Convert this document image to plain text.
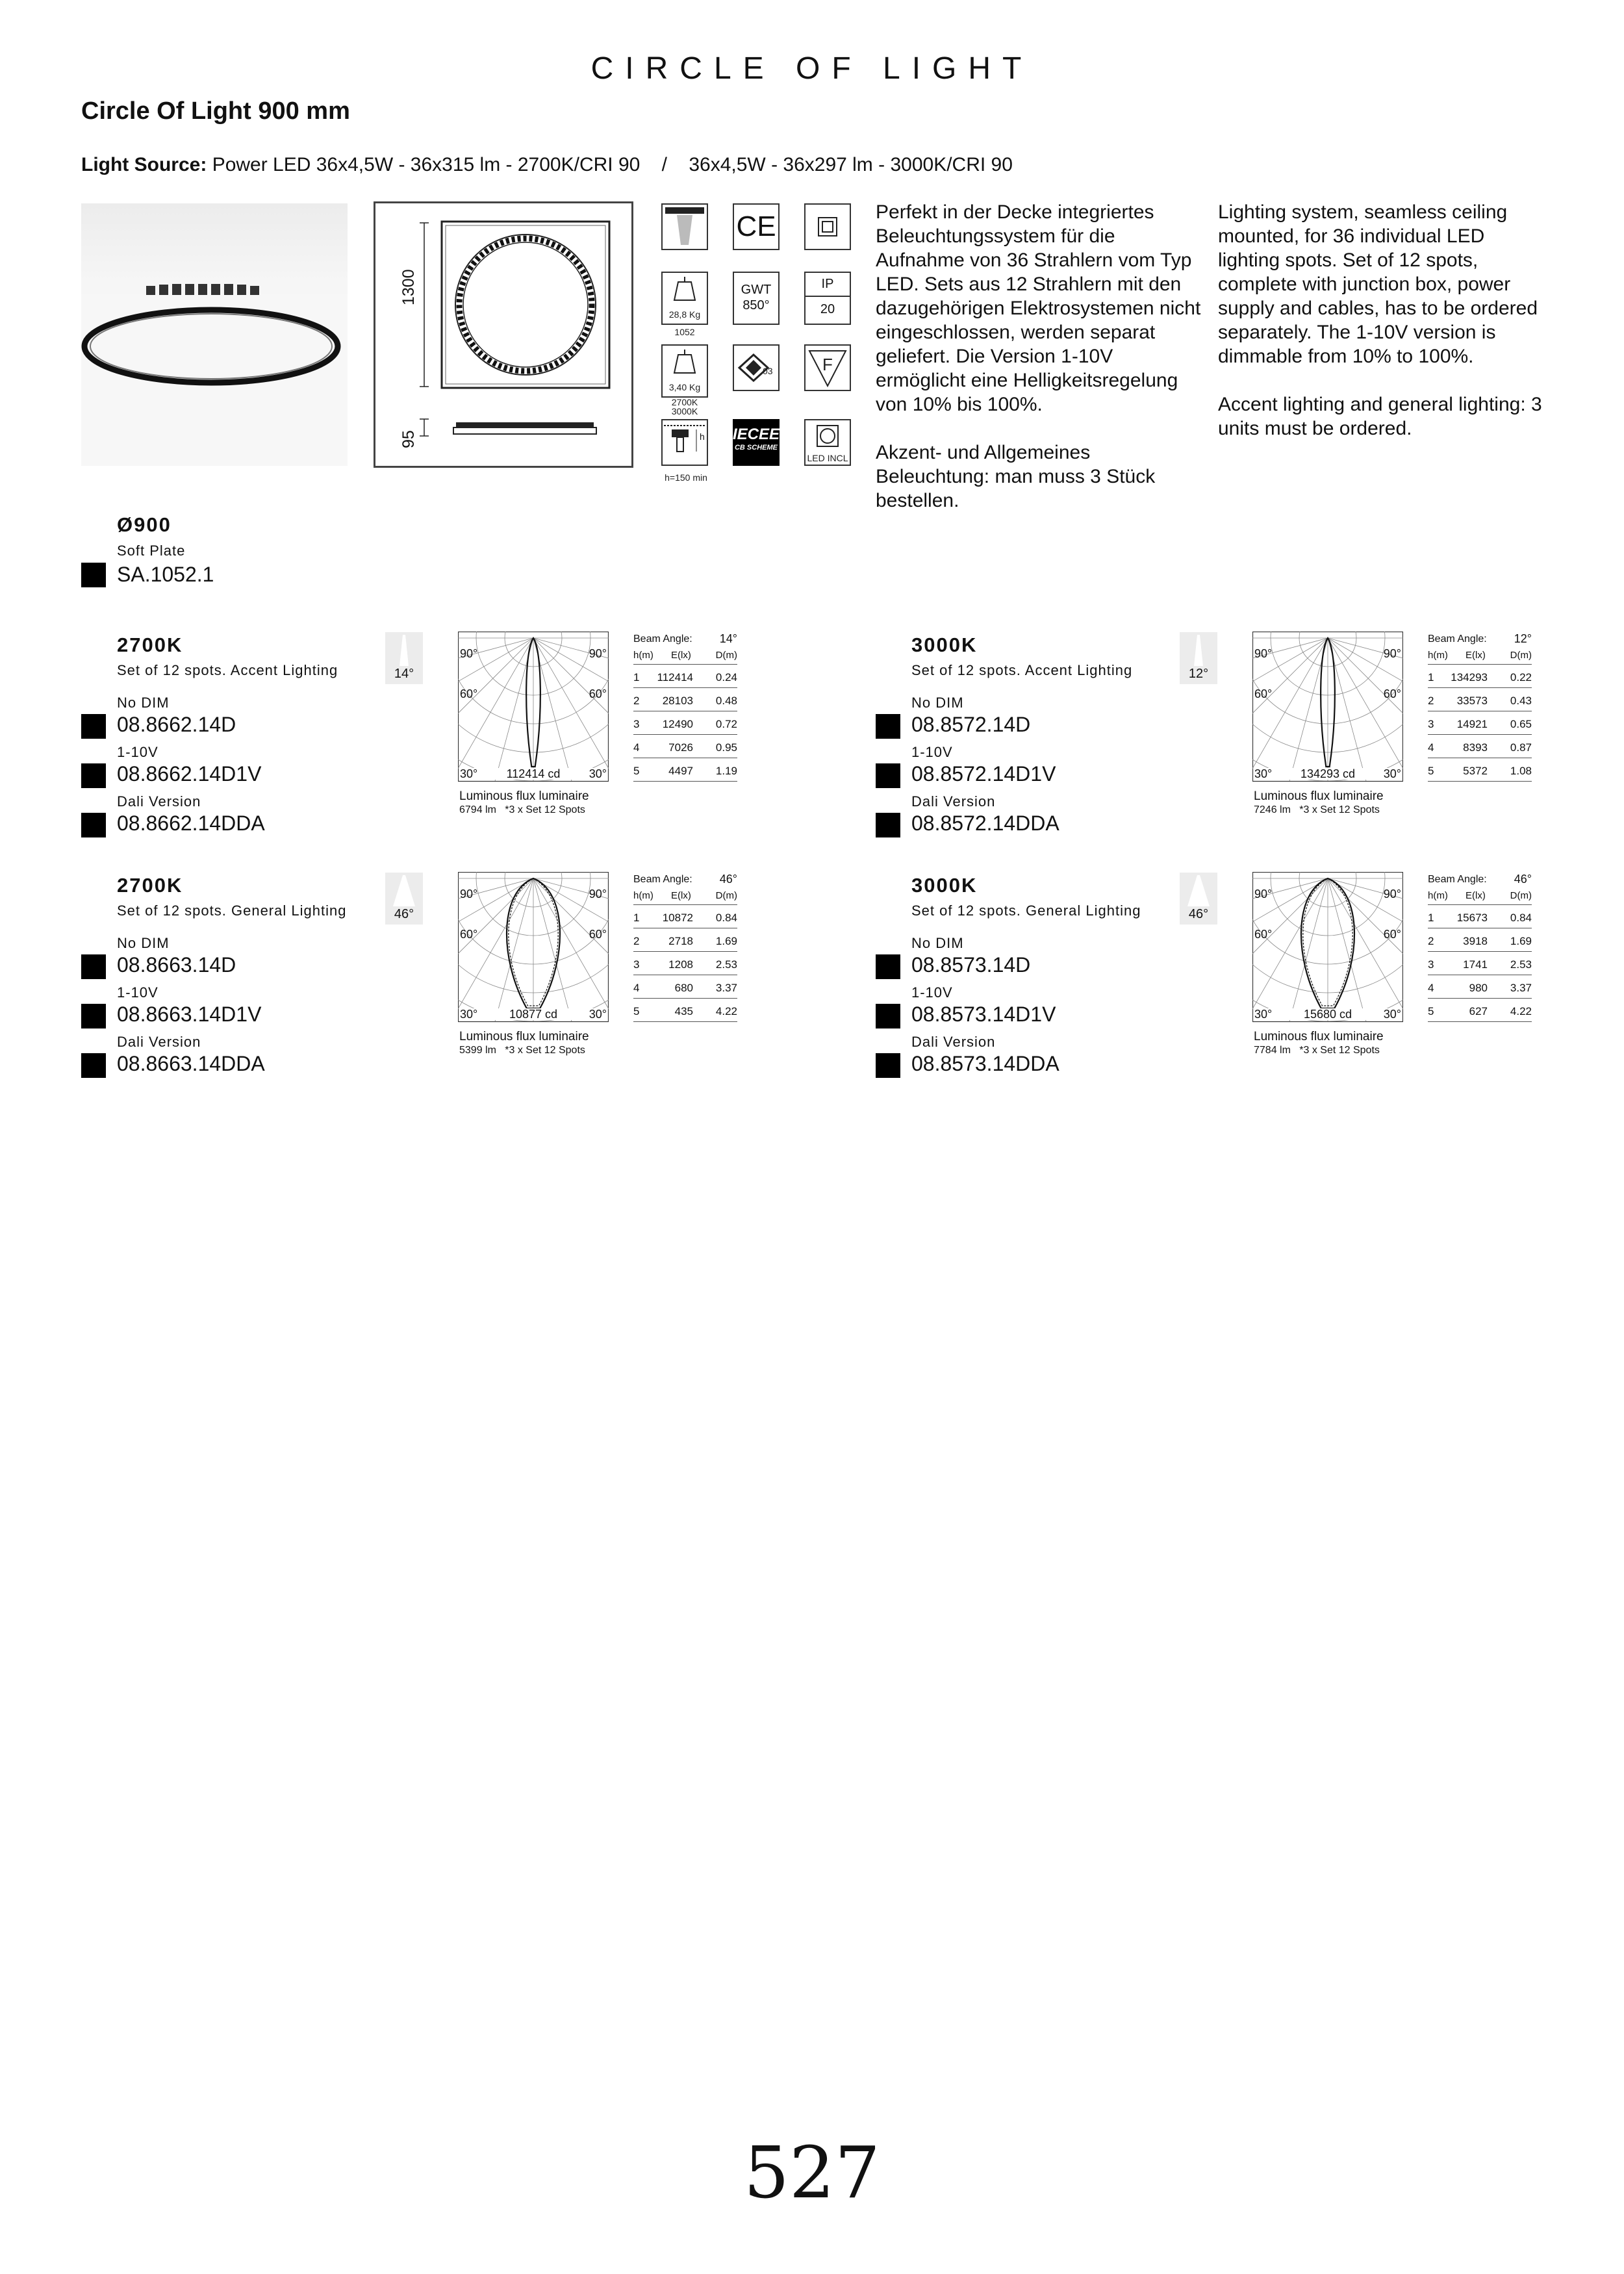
CIRCLE OF LIGHT
Circle Of Light 900 mm
Light Source: Power LED 36x4,5W - 36x315 lm - 2700K/CRI 90    /    36x4,5W - 36x297 lm - 3000K/CRI 90
1300
95
28,8 Kg
1052
3,40 Kg
2700K
3000K
h
h=150 min
CE
GWT
850°
03
IECEE
CB SCHEME
IP
20
F
LED INCL
Perfekt in der Decke integriertes Beleuchtungssystem für die Aufnahme von 36 Strahlern vom Typ LED. Sets aus 12 Strahlern mit den dazugehörigen Elektrosystemen nicht eingeschlossen, werden separat geliefert. Die Version 1-10V ermöglicht eine Helligkeitsregelung von 10% bis 100%.
Akzent- und Allgemeines Beleuchtung: man muss 3 Stück bestellen.
Lighting system, seamless ceiling mounted, for 36 individual LED lighting spots. Set of 12 spots, complete with junction box, power supply and cables, has to be ordered separately. The 1-10V version is dimmable from 10% to 100%.
Accent lighting and general lighting: 3 units must be ordered.
Ø900
Soft Plate
SA.1052.1
2700K
Set of 12 spots. Accent Lighting
No DIM
08.8662.14D
1-10V
08.8662.14D1V
Dali Version
08.8662.14DDA
14°
90°	90°
60°	60°
30°	30°
112414 cd
Luminous flux luminaire
6794 lm *3 x Set 12 Spots
Beam Angle: 14°
h(m) E(lx)	D(m)
1 112414 0.24
2 28103 0.48
3 12490 0.72
4	7026 0.95
5	4497 1.19
3000K
Set of 12 spots. Accent Lighting
No DIM
08.8572.14D
1-10V
08.8572.14D1V
Dali Version
08.8572.14DDA
12°
90°	90°
60°	60°
30°	30°
134293 cd
Luminous flux luminaire
7246 lm *3 x Set 12 Spots
Beam Angle: 12°
h(m) E(lx)	D(m)
1 134293 0.22
2 33573 0.43
3 14921 0.65
4	8393 0.87
5	5372 1.08
2700K
Set of 12 spots. General Lighting
No DIM
08.8663.14D
1-10V
08.8663.14D1V
Dali Version
08.8663.14DDA
46°
90°	90°
60°	60°
30°	30°
10877 cd
Luminous flux luminaire
5399 lm *3 x Set 12 Spots
Beam Angle: 46°
h(m) E(lx)	D(m)
1 10872 0.84
2	2718 1.69
3	1208 2.53
4	680 3.37
5	435 4.22
3000K
Set of 12 spots. General Lighting
No DIM
08.8573.14D
1-10V
08.8573.14D1V
Dali Version
08.8573.14DDA
46°
90°	90°
60°	60°
30°	30°
15680 cd
Luminous flux luminaire
7784 lm *3 x Set 12 Spots
Beam Angle: 46°
h(m) E(lx)	D(m)
1 15673 0.84
2	3918 1.69
3	1741 2.53
4	980 3.37
5	627 4.22
527
